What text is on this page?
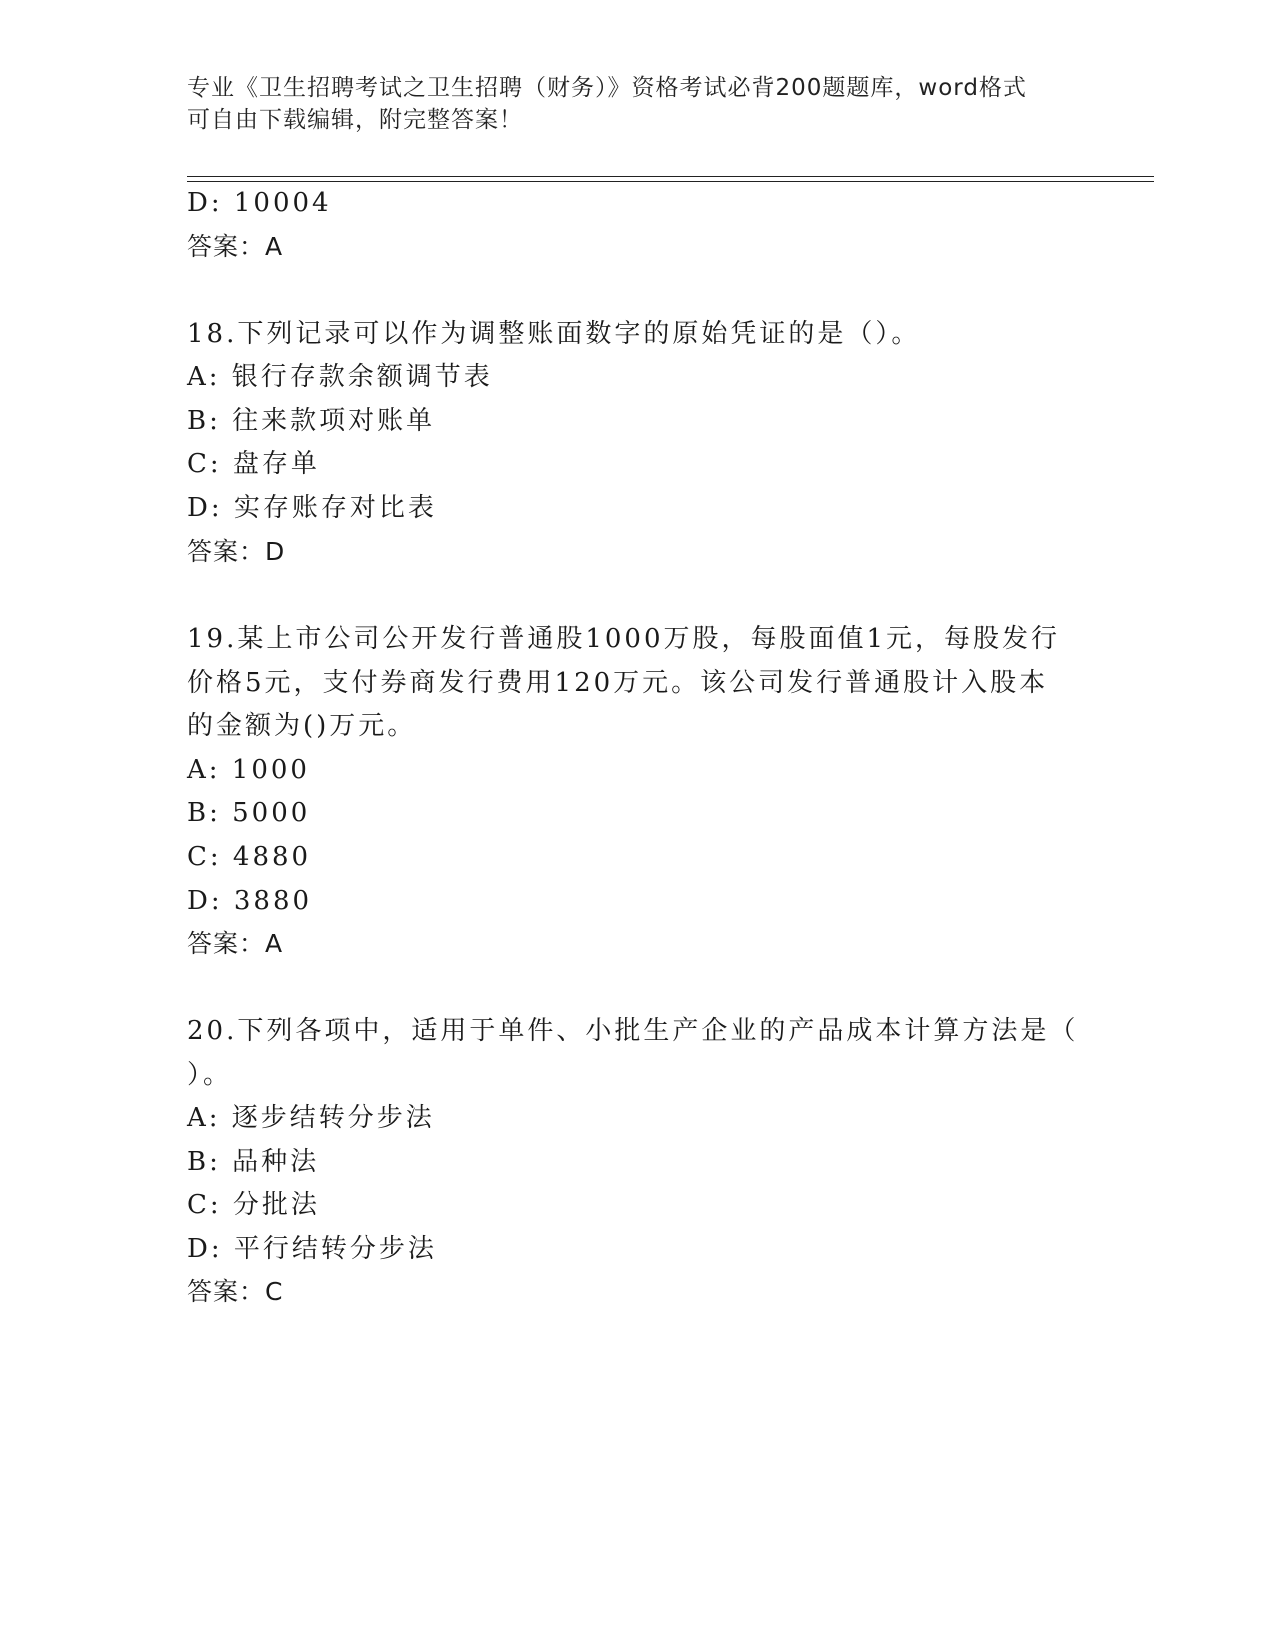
专业《卫生招聘考试之卫生招聘（财务）》资格考试必背200题题库，word格式
可自由下载编辑，附完整答案！
D: 10004
答案：A
18.下列记录可以作为调整账面数字的原始凭证的是（）。
A: 银行存款余额调节表
B: 往来款项对账单
C: 盘存单
D: 实存账存对比表
答案：D
19.某上市公司公开发行普通股1000万股，每股面值1元，每股发行
价格5元，支付券商发行费用120万元。该公司发行普通股计入股本
的金额为()万元。
A: 1000
B: 5000
C: 4880
D: 3880
答案：A
20.下列各项中，适用于单件、小批生产企业的产品成本计算方法是（
）。
A: 逐步结转分步法
B: 品种法
C: 分批法
D: 平行结转分步法
答案：C
